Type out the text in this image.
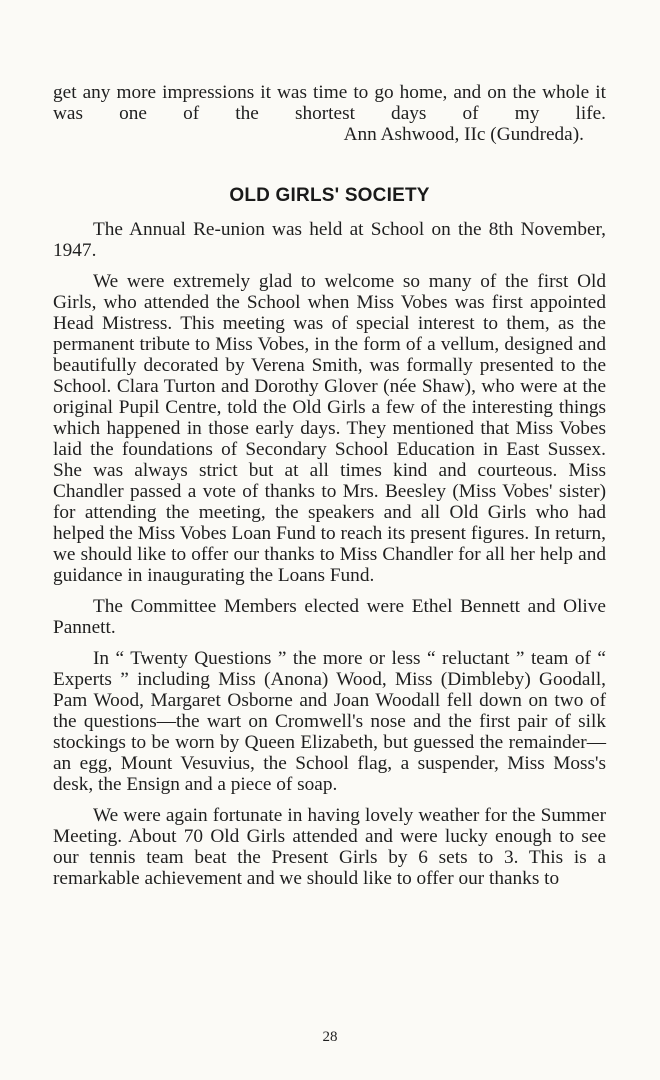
get any more impressions it was time to go home, and on the whole it was one of the shortest days of my life.

Ann Ashwood, IIc (Gundreda).

OLD GIRLS' SOCIETY

The Annual Re-union was held at School on the 8th November, 1947.

We were extremely glad to welcome so many of the first Old Girls, who attended the School when Miss Vobes was first appointed Head Mistress. This meeting was of special interest to them, as the permanent tribute to Miss Vobes, in the form of a vellum, designed and beautifully decorated by Verena Smith, was formally presented to the School. Clara Turton and Dorothy Glover (née Shaw), who were at the original Pupil Centre, told the Old Girls a few of the interesting things which happened in those early days. They mentioned that Miss Vobes laid the foundations of Secondary School Education in East Sussex. She was always strict but at all times kind and courteous. Miss Chandler passed a vote of thanks to Mrs. Beesley (Miss Vobes' sister) for attending the meeting, the speakers and all Old Girls who had helped the Miss Vobes Loan Fund to reach its present figures. In return, we should like to offer our thanks to Miss Chandler for all her help and guidance in inaugurating the Loans Fund.

The Committee Members elected were Ethel Bennett and Olive Pannett.

In “ Twenty Questions ” the more or less “ reluctant ” team of “ Experts ” including Miss (Anona) Wood, Miss (Dimbleby) Goodall, Pam Wood, Margaret Osborne and Joan Woodall fell down on two of the questions—the wart on Cromwell's nose and the first pair of silk stockings to be worn by Queen Elizabeth, but guessed the remainder—an egg, Mount Vesuvius, the School flag, a suspender, Miss Moss's desk, the Ensign and a piece of soap.

We were again fortunate in having lovely weather for the Summer Meeting. About 70 Old Girls attended and were lucky enough to see our tennis team beat the Present Girls by 6 sets to 3. This is a remarkable achievement and we should like to offer our thanks to

28
